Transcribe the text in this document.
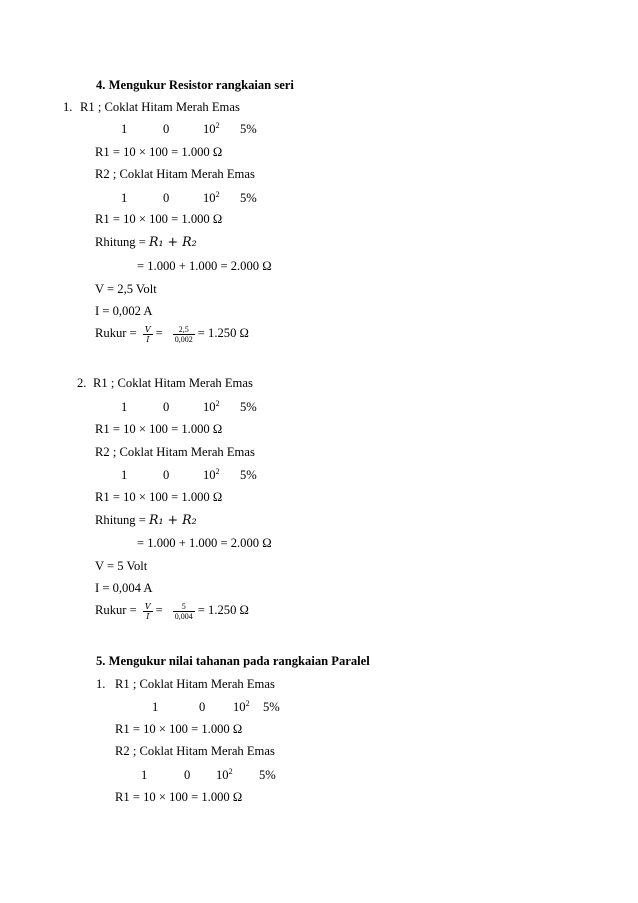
4. Mengukur Resistor rangkaian seri
1. R1 ; Coklat Hitam Merah Emas
1	0	$10^2$ 5%
R1 = 10 × 100 = 1.000 Ω
R2 ; Coklat Hitam Merah Emas
1	0	$10^2$ 5%
R1 = 10 × 100 = 1.000 Ω
Rhitung = R₁ + R₂
= 1.000 + 1.000 = 2.000 Ω
V = 2,5 Volt
I = 0,002 A
Rukur = $\frac{V}{I} = \frac{2,5}{0,002} = 1.250$ Ω
2. R1 ; Coklat Hitam Merah Emas
1	0	$10^2$ 5%
R1 = 10 × 100 = 1.000 Ω
R2 ; Coklat Hitam Merah Emas
1	0	$10^2$ 5%
R1 = 10 × 100 = 1.000 Ω
Rhitung = R₁ + R₂
= 1.000 + 1.000 = 2.000 Ω
V = 5 Volt
I = 0,004 A
Rukur = $\frac{V}{I} = \frac{5}{0,004} = 1.250$ Ω
5. Mengukur nilai tahanan pada rangkaian Paralel
1. R1 ; Coklat Hitam Merah Emas
1	0 $10^2$ 5%
R1 = 10 × 100 = 1.000 Ω
R2 ; Coklat Hitam Merah Emas
1	0 $10^2$ 5%
R1 = 10 × 100 = 1.000 Ω
